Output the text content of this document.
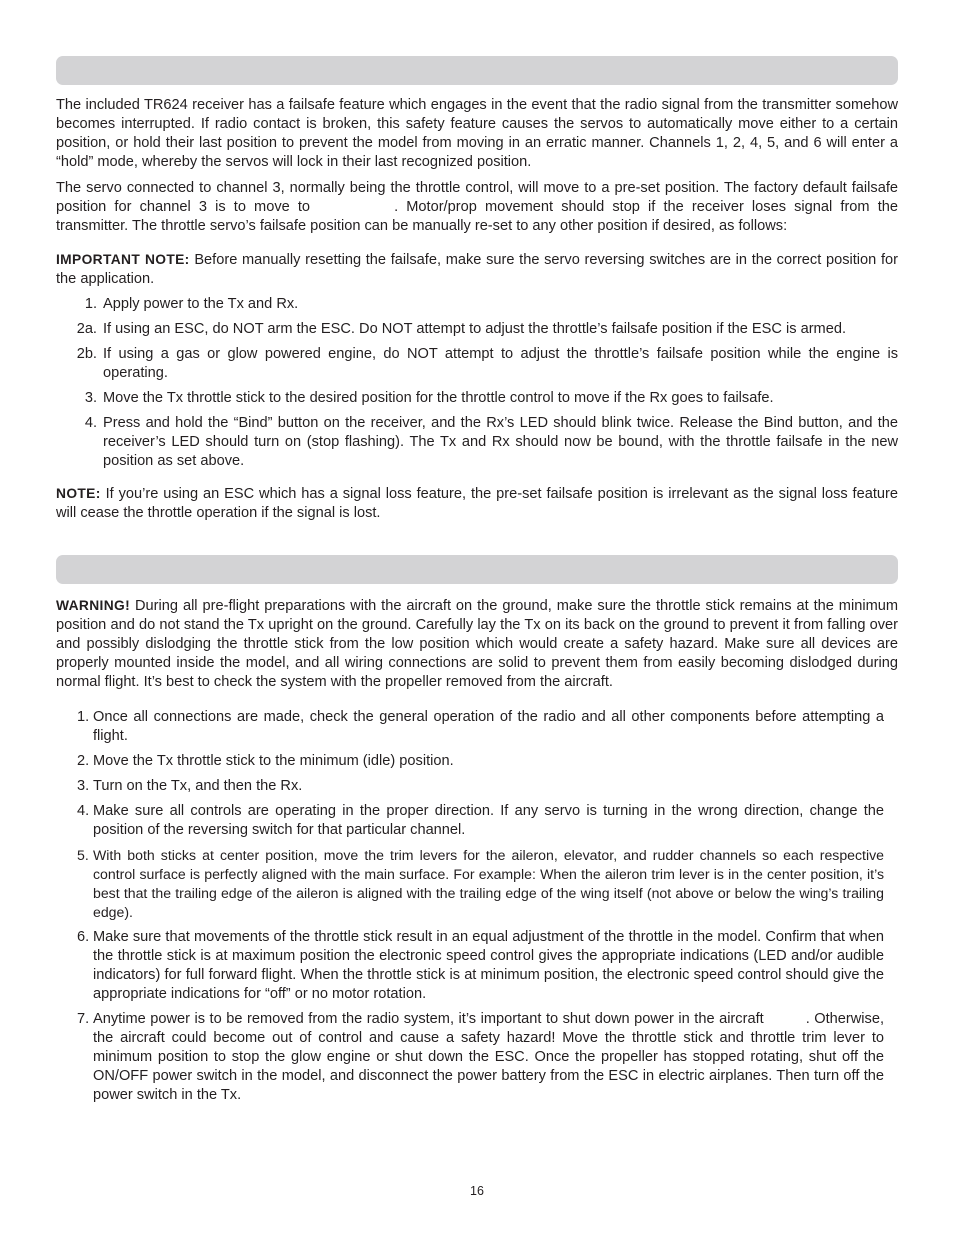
The included TR624 receiver has a failsafe feature which engages in the event that the radio signal from the transmitter somehow becomes interrupted. If radio contact is broken, this safety feature causes the servos to automatically move either to a certain position, or hold their last position to prevent the model from moving in an erratic manner. Channels 1, 2, 4, 5, and 6 will enter a “hold” mode, whereby the servos will lock in their last recognized position.

The servo connected to channel 3, normally being the throttle control, will move to a pre-set position. The factory default failsafe position for channel 3 is to move to	. Motor/prop movement should stop if the receiver loses signal from the transmitter. The throttle servo’s failsafe position can be manually re-set to any other position if desired, as follows:

IMPORTANT NOTE: Before manually resetting the failsafe, make sure the servo reversing switches are in the correct position for the application.

1. Apply power to the Tx and Rx.
2a. If using an ESC, do NOT arm the ESC. Do NOT attempt to adjust the throttle’s failsafe position if the ESC is armed.
2b. If using a gas or glow powered engine, do NOT attempt to adjust the throttle’s failsafe position while the engine is operating.
3. Move the Tx throttle stick to the desired position for the throttle control to move if the Rx goes to failsafe.
4. Press and hold the “Bind” button on the receiver, and the Rx’s LED should blink twice. Release the Bind button, and the receiver’s LED should turn on (stop flashing). The Tx and Rx should now be bound, with the throttle failsafe in the new position as set above.

NOTE: If you’re using an ESC which has a signal loss feature, the pre-set failsafe position is irrelevant as the signal loss feature will cease the throttle operation if the signal is lost.

WARNING! During all pre-flight preparations with the aircraft on the ground, make sure the throttle stick remains at the minimum position and do not stand the Tx upright on the ground. Carefully lay the Tx on its back on the ground to prevent it from falling over and possibly dislodging the throttle stick from the low position which would create a safety hazard. Make sure all devices are properly mounted inside the model, and all wiring connections are solid to prevent them from easily becoming dislodged during normal flight. It’s best to check the system with the propeller removed from the aircraft.

1. Once all connections are made, check the general operation of the radio and all other components before attempting a flight.
2. Move the Tx throttle stick to the minimum (idle) position.
3. Turn on the Tx, and then the Rx.
4. Make sure all controls are operating in the proper direction. If any servo is turning in the wrong direction, change the position of the reversing switch for that particular channel.
5. With both sticks at center position, move the trim levers for the aileron, elevator, and rudder channels so each respective control surface is perfectly aligned with the main surface. For example: When the aileron trim lever is in the center position, it’s best that the trailing edge of the aileron is aligned with the trailing edge of the wing itself (not above or below the wing’s trailing edge).
6. Make sure that movements of the throttle stick result in an equal adjustment of the throttle in the model. Confirm that when the throttle stick is at maximum position the electronic speed control gives the appropriate indications (LED and/or audible indicators) for full forward flight. When the throttle stick is at minimum position, the electronic speed control should give the appropriate indications for “off” or no motor rotation.
7. Anytime power is to be removed from the radio system, it’s important to shut down power in the aircraft	. Otherwise, the aircraft could become out of control and cause a safety hazard! Move the throttle stick and throttle trim lever to minimum position to stop the glow engine or shut down the ESC. Once the propeller has stopped rotating, shut off the ON/OFF power switch in the model, and disconnect the power battery from the ESC in electric airplanes. Then turn off the power switch in the Tx.
16
